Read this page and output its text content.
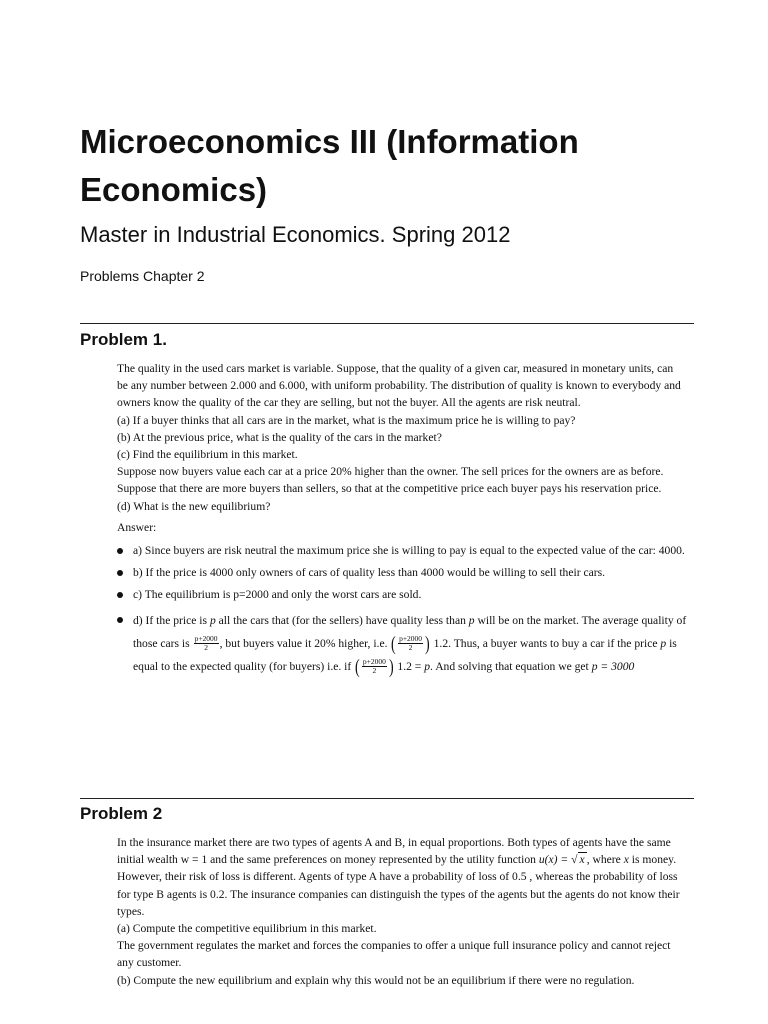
Microeconomics III (Information Economics)
Master in Industrial Economics. Spring 2012

Problems Chapter 2

Problem 1.

The quality in the used cars market is variable. Suppose, that the quality of a given car, measured in monetary units, can be any number between 2.000 and 6.000, with uniform probability. The distribution of quality is known to everybody and owners know the quality of the car they are selling, but not the buyer. All the agents are risk neutral.

(a) If a buyer thinks that all cars are in the market, what is the maximum price he is willing to pay?

(b) At the previous price, what is the quality of the cars in the market?

(c) Find the equilibrium in this market.

Suppose now buyers value each car at a price 20% higher than the owner. The sell prices for the owners are as before.

Suppose that there are more buyers than sellers, so that at the competitive price each buyer pays his reservation price.

(d) What is the new equilibrium?

Answer:

a) Since buyers are risk neutral the maximum price she is willing to pay is equal to the expected value of the car: 4000.
b) If the price is 4000 only owners of cars of quality less than 4000 would be willing to sell their cars.
c) The equilibrium is p=2000 and only the worst cars are sold.
d) If the price is p all the cars that (for the sellers) have quality less than p will be on the market. The average quality of those cars is $\frac{p+2000}{2}$ , but buyers value it 20% higher, i.e. ( $\frac{p+2000}{2}$ ) 1.2. Thus, a buyer wants to buy a car if the price p is equal to the expected quality (for buyers) i.e. if ( $\frac{p+2000}{2}$ ) 1.2 = p. And solving that equation we get p = 3000
Problem 2

In the insurance market there are two types of agents A and B, in equal proportions. Both types of agents have the same initial wealth w = 1 and the same preferences on money represented by the utility function u(x) = √ x , where x is money. However, their risk of loss is different. Agents of type A have a probability of loss of 0.5 , whereas the probability of loss for type B agents is 0.2. The insurance companies can distinguish the types of the agents but the agents do not know their types.

(a) Compute the competitive equilibrium in this market.

The government regulates the market and forces the companies to offer a unique full insurance policy and cannot reject any customer.

(b) Compute the new equilibrium and explain why this would not be an equilibrium if there were no regulation.
